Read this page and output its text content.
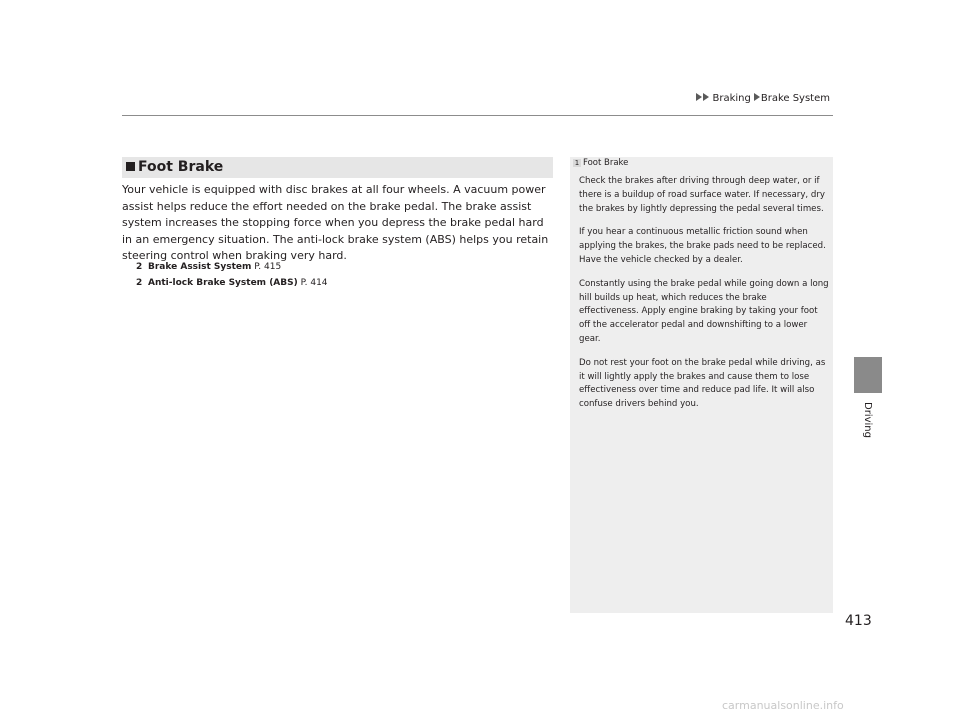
Braking Brake System
Driving
Foot Brake

Your vehicle is equipped with disc brakes at all four wheels. A vacuum power assist helps reduce the effort needed on the brake pedal. The brake assist system increases the stopping force when you depress the brake pedal hard in an emergency situation. The anti-lock brake system (ABS) helps you retain steering control when braking very hard.

2 Brake Assist System P. 415
2 Anti-lock Brake System (ABS) P. 414
1 Foot Brake

Check the brakes after driving through deep water, or if there is a buildup of road surface water. If necessary, dry the brakes by lightly depressing the pedal several times.

If you hear a continuous metallic friction sound when applying the brakes, the brake pads need to be replaced. Have the vehicle checked by a dealer.

Constantly using the brake pedal while going down a long hill builds up heat, which reduces the brake effectiveness. Apply engine braking by taking your foot off the accelerator pedal and downshifting to a lower gear.

Do not rest your foot on the brake pedal while driving, as it will lightly apply the brakes and cause them to lose effectiveness over time and reduce pad life. It will also confuse drivers behind you.

413
carmanualsonline.info
